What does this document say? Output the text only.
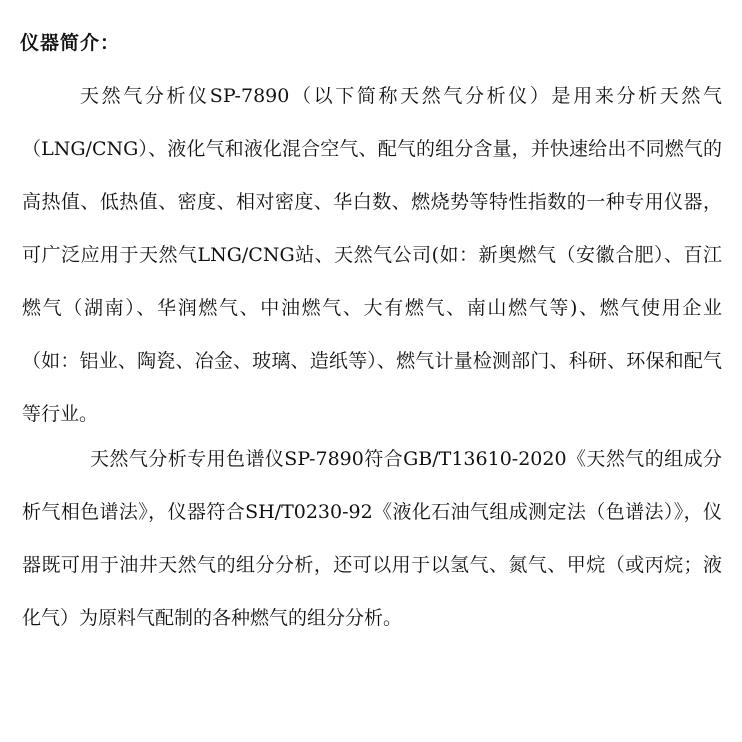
仪器简介：

天然气分析仪SP-7890（以下简称天然气分析仪）是用来分析天然气（LNG/CNG）、液化气和液化混合空气、配气的组分含量，并快速给出不同燃气的高热值、低热值、密度、相对密度、华白数、燃烧势等特性指数的一种专用仪器，可广泛应用于天然气LNG/CNG站、天然气公司(如：新奥燃气（安徽合肥）、百江燃气（湖南）、华润燃气、中油燃气、大有燃气、南山燃气等)、燃气使用企业（如：铝业、陶瓷、冶金、玻璃、造纸等）、燃气计量检测部门、科研、环保和配气等行业。

天然气分析专用色谱仪SP-7890符合GB/T13610-2020《天然气的组成分析气相色谱法》，仪器符合SH/T0230-92《液化石油气组成测定法（色谱法）》，仪器既可用于油井天然气的组分分析，还可以用于以氢气、氮气、甲烷（或丙烷；液化气）为原料气配制的各种燃气的组分分析。
